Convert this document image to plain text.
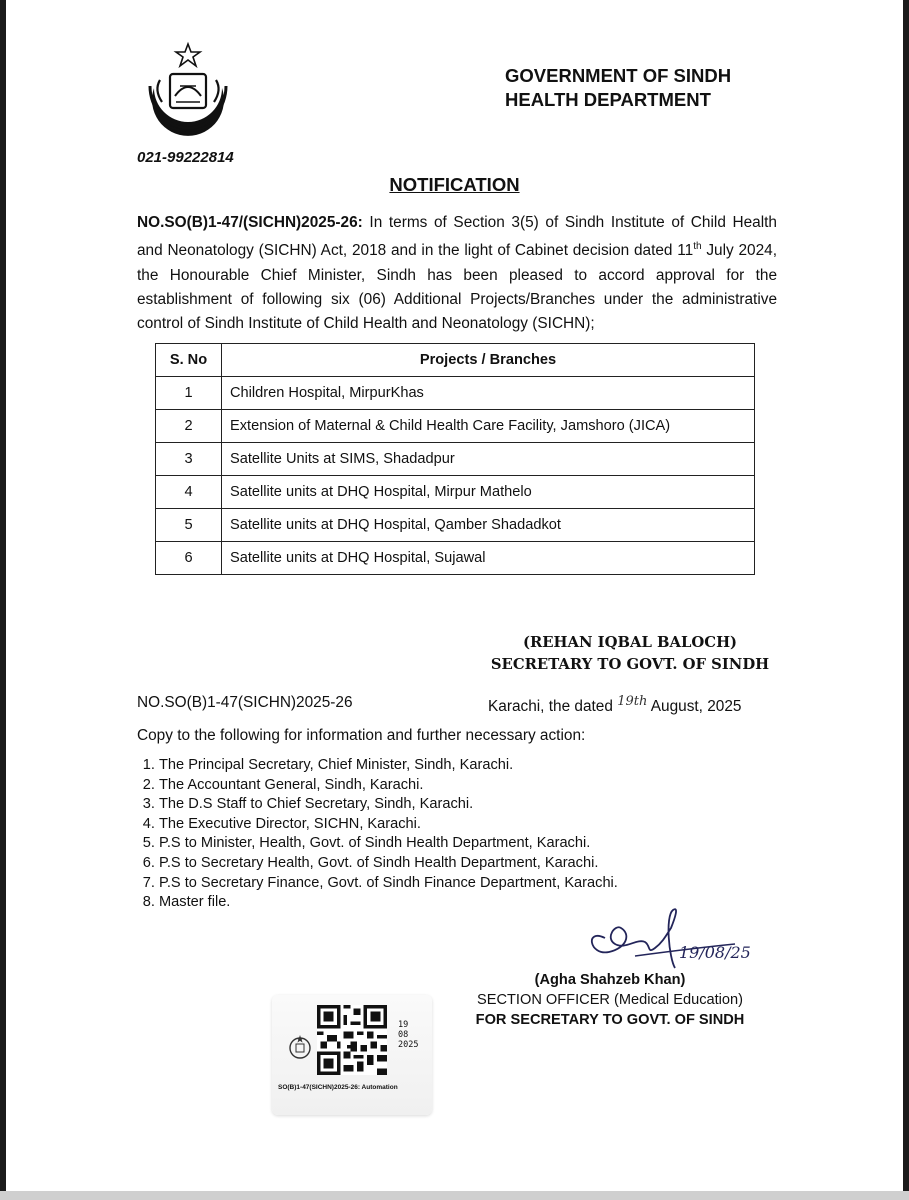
GOVERNMENT OF SINDH
HEALTH DEPARTMENT
021-99222814
NOTIFICATION
NO.SO(B)1-47/(SICHN)2025-26: In terms of Section 3(5) of Sindh Institute of Child Health and Neonatology (SICHN) Act, 2018 and in the light of Cabinet decision dated 11th July 2024, the Honourable Chief Minister, Sindh has been pleased to accord approval for the establishment of following six (06) Additional Projects/Branches under the administrative control of Sindh Institute of Child Health and Neonatology (SICHN);
S. No	Projects / Branches
1	Children Hospital, MirpurKhas
2	Extension of Maternal & Child Health Care Facility, Jamshoro (JICA)
3	Satellite Units at SIMS, Shadadpur
4	Satellite units at DHQ Hospital, Mirpur Mathelo
5	Satellite units at DHQ Hospital, Qamber Shadadkot
6	Satellite units at DHQ Hospital, Sujawal
(REHAN IQBAL BALOCH)
SECRETARY TO GOVT. OF SINDH
NO.SO(B)1-47(SICHN)2025-26	Karachi, the dated $^{19th}$ August, 2025
Copy to the following for information and further necessary action:
1. The Principal Secretary, Chief Minister, Sindh, Karachi.
2. The Accountant General, Sindh, Karachi.
3. The D.S Staff to Chief Secretary, Sindh, Karachi.
4. The Executive Director, SICHN, Karachi.
5. P.S to Minister, Health, Govt. of Sindh Health Department, Karachi.
6. P.S to Secretary Health, Govt. of Sindh Health Department, Karachi.
7. P.S to Secretary Finance, Govt. of Sindh Finance Department, Karachi.
8. Master file.
19/08/25
(Agha Shahzeb Khan)
SECTION OFFICER (Medical Education)
FOR SECRETARY TO GOVT. OF SINDH
19
08
2025
SO(B)1-47(SICHN)2025-26: Automation
